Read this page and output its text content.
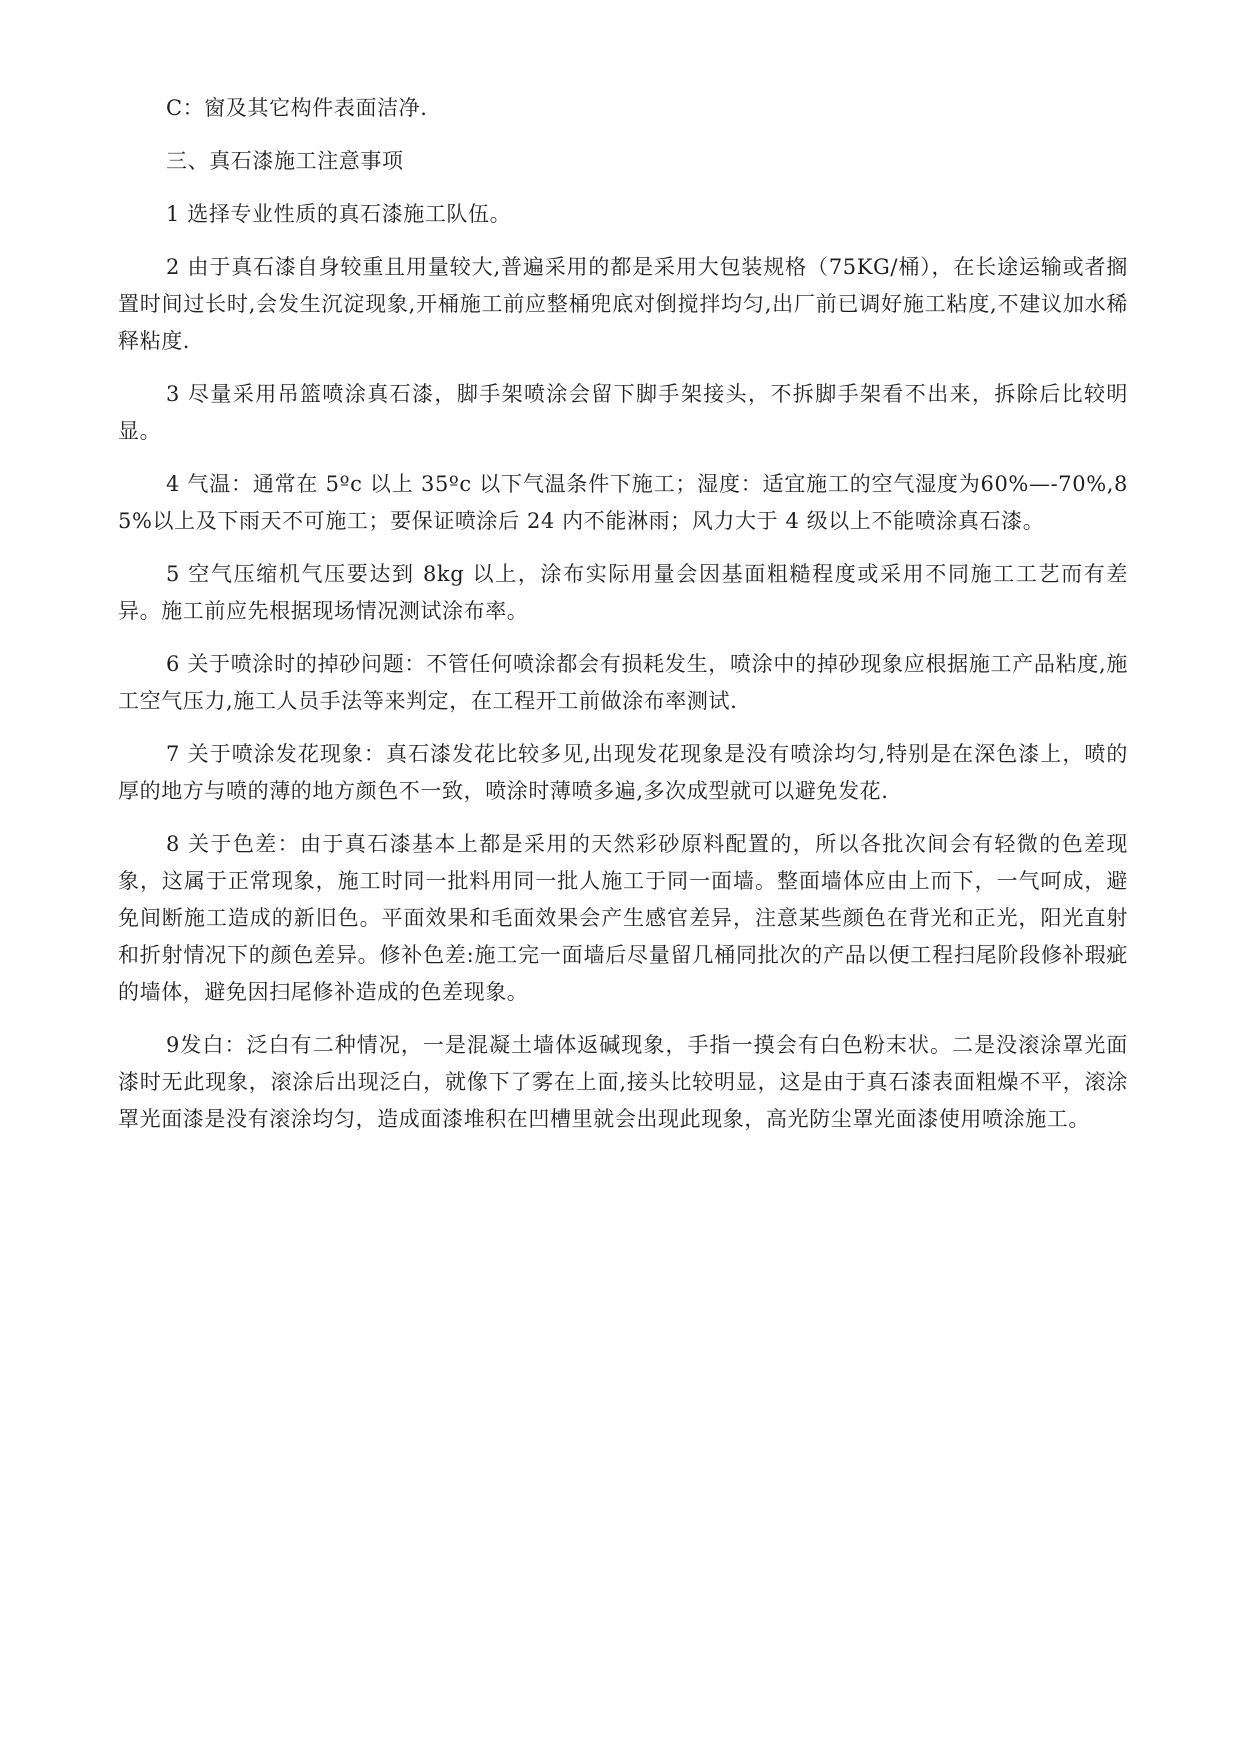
C：窗及其它构件表面洁净.

三、真石漆施工注意事项

1 选择专业性质的真石漆施工队伍。

2 由于真石漆自身较重且用量较大,普遍采用的都是采用大包装规格（75KG/桶），在长途运输或者搁置时间过长时,会发生沉淀现象,开桶施工前应整桶兜底对倒搅拌均匀,出厂前已调好施工粘度,不建议加水稀释粘度.

3 尽量采用吊篮喷涂真石漆，脚手架喷涂会留下脚手架接头，不拆脚手架看不出来，拆除后比较明显。

4 气温：通常在 5ºc 以上 35ºc 以下气温条件下施工；湿度：适宜施工的空气湿度为60%—-70%,85%以上及下雨天不可施工；要保证喷涂后 24 内不能淋雨；风力大于 4 级以上不能喷涂真石漆。

5 空气压缩机气压要达到 8kg 以上，涂布实际用量会因基面粗糙程度或采用不同施工工艺而有差异。施工前应先根据现场情况测试涂布率。

6 关于喷涂时的掉砂问题：不管任何喷涂都会有损耗发生，喷涂中的掉砂现象应根据施工产品粘度,施工空气压力,施工人员手法等来判定，在工程开工前做涂布率测试.

7 关于喷涂发花现象：真石漆发花比较多见,出现发花现象是没有喷涂均匀,特别是在深色漆上，喷的厚的地方与喷的薄的地方颜色不一致，喷涂时薄喷多遍,多次成型就可以避免发花.

8 关于色差：由于真石漆基本上都是采用的天然彩砂原料配置的，所以各批次间会有轻微的色差现象，这属于正常现象，施工时同一批料用同一批人施工于同一面墙。整面墙体应由上而下，一气呵成，避免间断施工造成的新旧色。平面效果和毛面效果会产生感官差异，注意某些颜色在背光和正光，阳光直射和折射情况下的颜色差异。修补色差:施工完一面墙后尽量留几桶同批次的产品以便工程扫尾阶段修补瑕疵的墙体，避免因扫尾修补造成的色差现象。

9发白：泛白有二种情况，一是混凝土墙体返碱现象，手指一摸会有白色粉末状。二是没滚涂罩光面漆时无此现象，滚涂后出现泛白，就像下了雾在上面,接头比较明显，这是由于真石漆表面粗燥不平，滚涂罩光面漆是没有滚涂均匀，造成面漆堆积在凹槽里就会出现此现象，高光防尘罩光面漆使用喷涂施工。
